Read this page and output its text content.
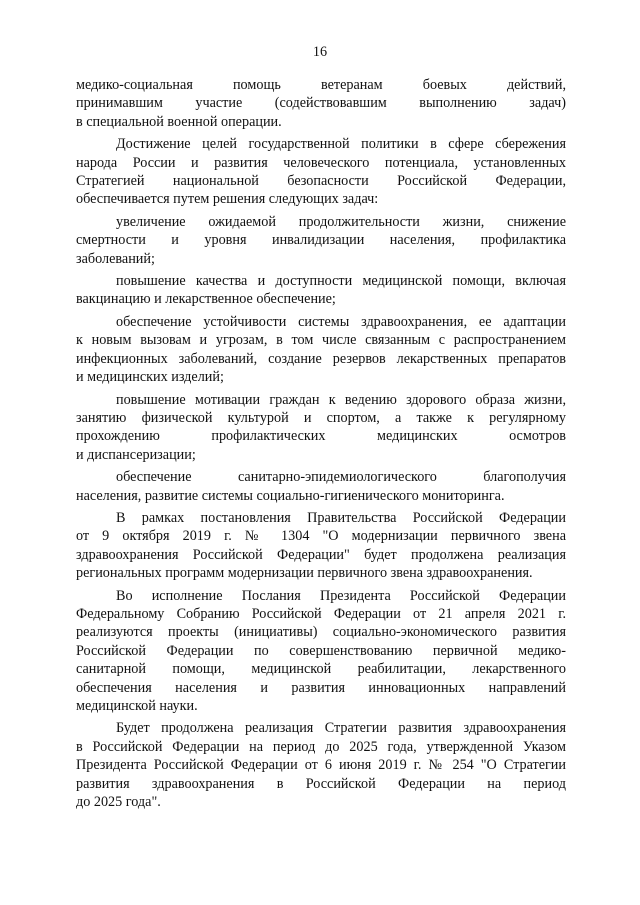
16
медико-социальная помощь ветеранам боевых действий,
принимавшим участие (содействовавшим выполнению задач)
в специальной военной операции.
Достижение целей государственной политики в сфере сбережения
народа России и развития человеческого потенциала, установленных
Стратегией национальной безопасности Российской Федерации,
обеспечивается путем решения следующих задач:
увеличение ожидаемой продолжительности жизни, снижение
смертности и уровня инвалидизации населения, профилактика
заболеваний;
повышение качества и доступности медицинской помощи, включая
вакцинацию и лекарственное обеспечение;
обеспечение устойчивости системы здравоохранения, ее адаптации
к новым вызовам и угрозам, в том числе связанным с распространением
инфекционных заболеваний, создание резервов лекарственных препаратов
и медицинских изделий;
повышение мотивации граждан к ведению здорового образа жизни,
занятию физической культурой и спортом, а также к регулярному
прохождению профилактических медицинских осмотров
и диспансеризации;
обеспечение санитарно-эпидемиологического благополучия
населения, развитие системы социально-гигиенического мониторинга.
В рамках постановления Правительства Российской Федерации
от 9 октября 2019 г. № 1304 "О модернизации первичного звена
здравоохранения Российской Федерации" будет продолжена реализация
региональных программ модернизации первичного звена здравоохранения.
Во исполнение Послания Президента Российской Федерации
Федеральному Собранию Российской Федерации от 21 апреля 2021 г.
реализуются проекты (инициативы) социально-экономического развития
Российской Федерации по совершенствованию первичной медико-
санитарной помощи, медицинской реабилитации, лекарственного
обеспечения населения и развития инновационных направлений
медицинской науки.
Будет продолжена реализация Стратегии развития здравоохранения
в Российской Федерации на период до 2025 года, утвержденной Указом
Президента Российской Федерации от 6 июня 2019 г. № 254 "О Стратегии
развития здравоохранения в Российской Федерации на период
до 2025 года".
